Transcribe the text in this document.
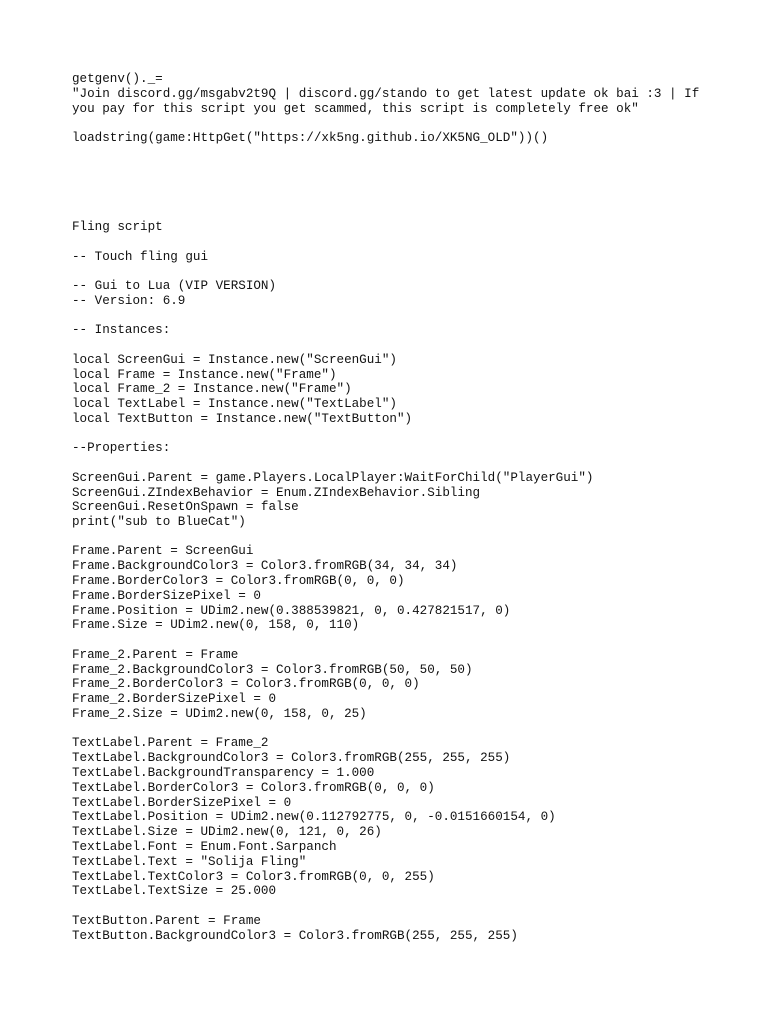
getgenv()._=
"Join discord.gg/msgabv2t9Q | discord.gg/stando to get latest update ok bai :3 | If you pay for this script you get scammed, this script is completely free ok"
loadstring(game:HttpGet("https://xk5ng.github.io/XK5NG_OLD"))()
Fling script
-- Touch fling gui
-- Gui to Lua (VIP VERSION)
-- Version: 6.9
-- Instances:
local ScreenGui = Instance.new("ScreenGui")
local Frame = Instance.new("Frame")
local Frame_2 = Instance.new("Frame")
local TextLabel = Instance.new("TextLabel")
local TextButton = Instance.new("TextButton")
--Properties:
ScreenGui.Parent = game.Players.LocalPlayer:WaitForChild("PlayerGui")
ScreenGui.ZIndexBehavior = Enum.ZIndexBehavior.Sibling
ScreenGui.ResetOnSpawn = false
print("sub to BlueCat")
Frame.Parent = ScreenGui
Frame.BackgroundColor3 = Color3.fromRGB(34, 34, 34)
Frame.BorderColor3 = Color3.fromRGB(0, 0, 0)
Frame.BorderSizePixel = 0
Frame.Position = UDim2.new(0.388539821, 0, 0.427821517, 0)
Frame.Size = UDim2.new(0, 158, 0, 110)
Frame_2.Parent = Frame
Frame_2.BackgroundColor3 = Color3.fromRGB(50, 50, 50)
Frame_2.BorderColor3 = Color3.fromRGB(0, 0, 0)
Frame_2.BorderSizePixel = 0
Frame_2.Size = UDim2.new(0, 158, 0, 25)
TextLabel.Parent = Frame_2
TextLabel.BackgroundColor3 = Color3.fromRGB(255, 255, 255)
TextLabel.BackgroundTransparency = 1.000
TextLabel.BorderColor3 = Color3.fromRGB(0, 0, 0)
TextLabel.BorderSizePixel = 0
TextLabel.Position = UDim2.new(0.112792775, 0, -0.0151660154, 0)
TextLabel.Size = UDim2.new(0, 121, 0, 26)
TextLabel.Font = Enum.Font.Sarpanch
TextLabel.Text = "Solija Fling"
TextLabel.TextColor3 = Color3.fromRGB(0, 0, 255)
TextLabel.TextSize = 25.000
TextButton.Parent = Frame
TextButton.BackgroundColor3 = Color3.fromRGB(255, 255, 255)
